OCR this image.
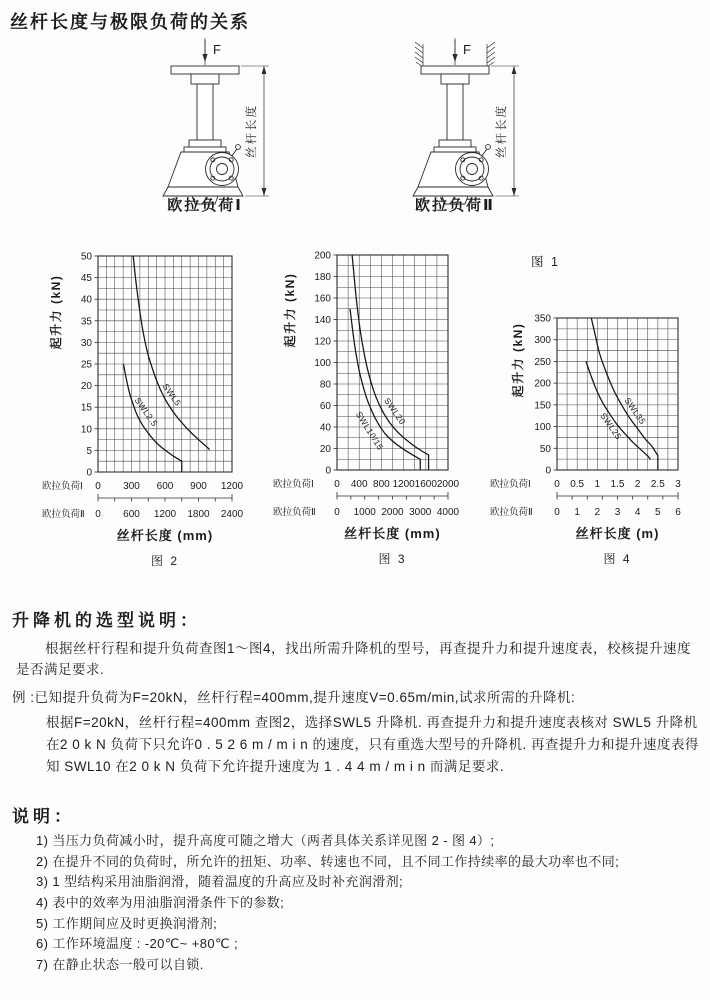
丝杆长度与极限负荷的关系
F
丝杆长度
F
丝杆长度
欧拉负荷Ⅰ	欧拉负荷Ⅱ
图 1
0
5
10
15
20
25
30
35
40
45
50
起升力 (kN)
SWL5
SWL2.5
欧拉负荷Ⅰ 0 300 600 900 1200
欧拉负荷Ⅱ 0 600 1200 1800 2400
丝杆长度 (mm)
图 2
0
20
40
60
80
100
120
140
160
180
200
起升力 (kN)
SWL20
SWL10/15
欧拉负荷Ⅰ 0 400 800 1200 1600 2000
欧拉负荷Ⅱ 0 1000 2000 3000 4000
丝杆长度 (mm)
图 3
0
50
100
150
200
250
300
350
起升力 (kN)
SWL35
SWL25
欧拉负荷Ⅰ 0 0.5 1 1.5 2 2.5 3
欧拉负荷Ⅱ 0 1 2 3 4 5 6
丝杆长度 (m)
图 4
升降机的选型说明：

根据丝杆行程和提升负荷查图1～图4，找出所需升降机的型号，再查提升力和提升速度表，校核提升速度是否满足要求.

例 :已知提升负荷为F=20kN，丝杆行程=400mm,提升速度V=0.65m/min,试求所需的升降机:

根据F=20kN，丝杆行程=400mm 查图2，选择SWL5 升降机. 再查提升力和提升速度表核对 SWL5 升降机在2 0 k N 负荷下只允许0 . 5 2 6 m / m i n 的速度，只有重选大型号的升降机. 再查提升力和提升速度表得知 SWL10 在2 0 k N 负荷下允许提升速度为 1 . 4 4 m / m i n 而满足要求.

说明：

1) 当压力负荷减小时，提升高度可随之增大（两者具体关系详见图 2 - 图 4）;

2) 在提升不同的负荷时，所允许的扭矩、功率、转速也不同，且不同工作持续率的最大功率也不同;

3) 1 型结构采用油脂润滑，随着温度的升高应及时补充润滑剂;

4) 表中的效率为用油脂润滑条件下的参数;

5) 工作期间应及时更换润滑剂;

6) 工作环境温度 : -20℃~ +80℃ ;

7) 在静止状态一般可以自锁.
